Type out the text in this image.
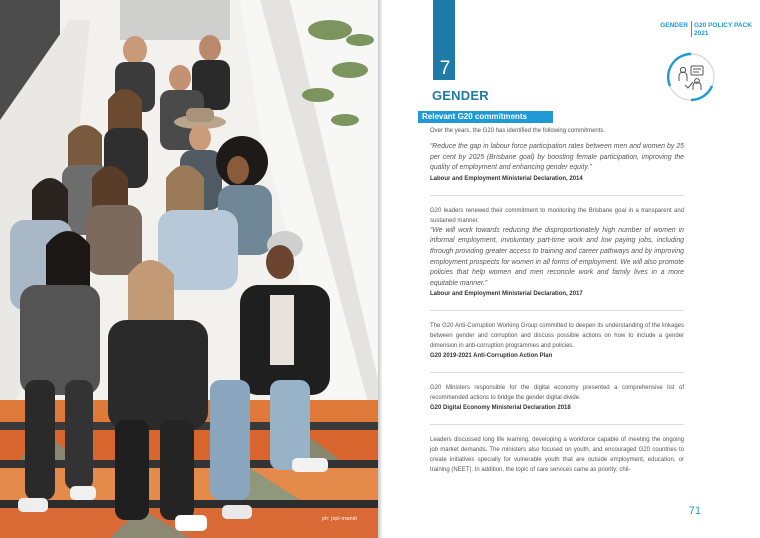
ph: jopl-mwndi
7
GENDER G20 POLICY PACK
2021
GENDER
Relevant G20 commitments

Over the years, the G20 has identified the following commitments.

“Reduce the gap in labour force participation rates between men and women by 25 per cent by 2025 (Brisbane goal) by boosting female participation, improving the quality of employment and enhancing gender equity.”

Labour and Employment Ministerial Declaration, 2014

G20 leaders renewed their commitment to monitoring the Brisbane goal in a transparent and sustained manner.

“We will work towards reducing the disproportionately high number of women in informal employment, involuntary part-time work and low paying jobs, including through providing greater access to training and career pathways and by improving employment prospects for women in all forms of employment. We will also promote policies that help women and men reconcile work and family lives in a more equitable manner.”

Labour and Employment Ministerial Declaration, 2017

The G20 Anti-Corruption Working Group committed to deepen its understanding of the linkages between gender and corruption and discuss possible actions on how to include a gender dimension in anti-corruption programmes and policies.

G20 2019-2021 Anti-Corruption Action Plan

G20 Ministers responsible for the digital economy presented a comprehensive list of recommended actions to bridge the gender digital divide.

G20 Digital Economy Ministerial Declaration 2018

Leaders discussed long life learning, developing a workforce capable of meeting the ongoing job market demands. The ministers also focused on youth, and encouraged G20 countries to create initiatives specially for vulnerable youth that are outside employment, education, or training (NEET). In addition, the topic of care services came as priority; chil-

71
